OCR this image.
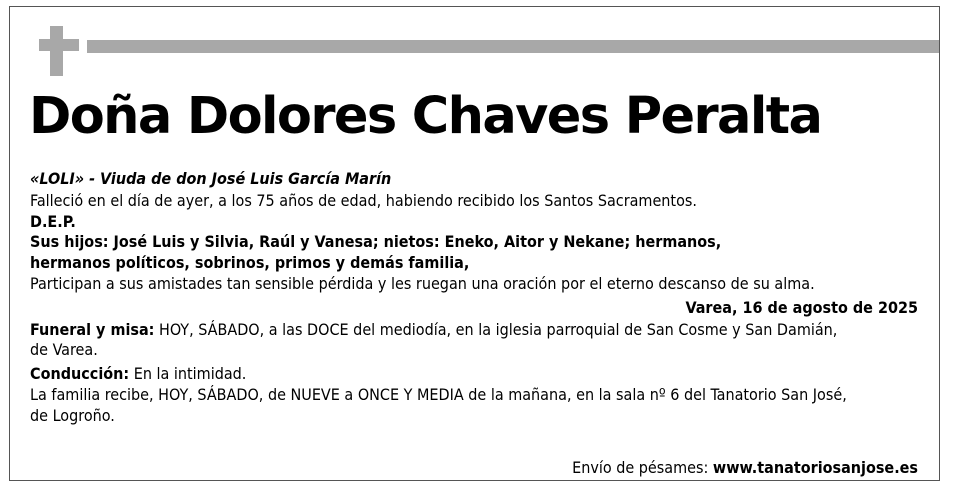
Doña Dolores Chaves Peralta

«LOLI» - Viuda de don José Luis García Marín

Falleció en el día de ayer, a los 75 años de edad, habiendo recibido los Santos Sacramentos.

D.E.P.

Sus hijos: José Luis y Silvia, Raúl y Vanesa; nietos: Eneko, Aitor y Nekane; hermanos,

hermanos políticos, sobrinos, primos y demás familia,

Participan a sus amistades tan sensible pérdida y les ruegan una oración por el eterno descanso de su alma.

Varea, 16 de agosto de 2025

Funeral y misa: HOY, SÁBADO, a las DOCE del mediodía, en la iglesia parroquial de San Cosme y San Damián,

de Varea.

Conducción: En la intimidad.

La familia recibe, HOY, SÁBADO, de NUEVE a ONCE Y MEDIA de la mañana, en la sala nº 6 del Tanatorio San José,

de Logroño.

Envío de pésames: www.tanatoriosanjose.es
